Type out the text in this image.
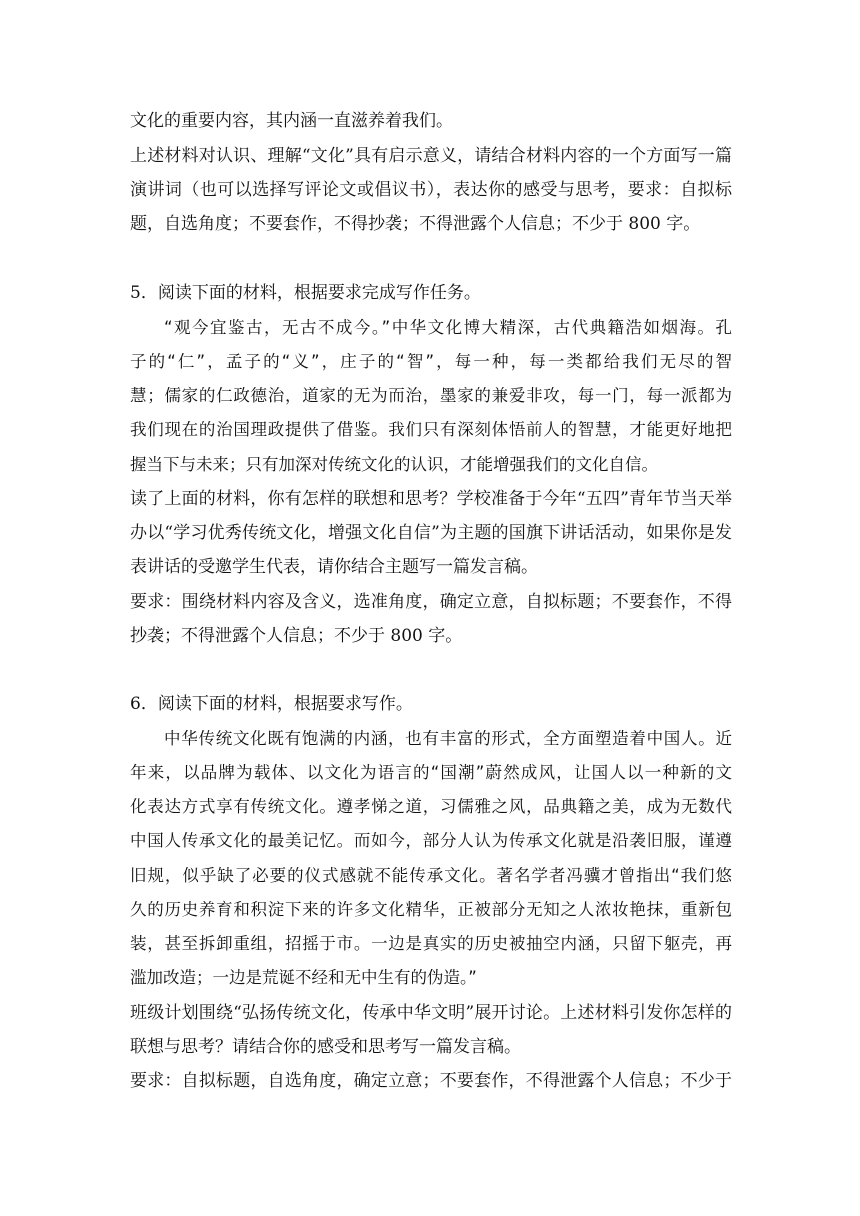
文化的重要内容，其内涵一直滋养着我们。
上述材料对认识、理解“文化”具有启示意义，请结合材料内容的一个方面写一篇
演讲词（也可以选择写评论文或倡议书），表达你的感受与思考，要求：自拟标
题，自选角度；不要套作，不得抄袭；不得泄露个人信息；不少于 800 字。
5．阅读下面的材料，根据要求完成写作任务。
“观今宜鉴古，无古不成今。”中华文化博大精深，古代典籍浩如烟海。孔
子的“仁”，孟子的“义”，庄子的“智”，每一种，每一类都给我们无尽的智
慧；儒家的仁政德治，道家的无为而治，墨家的兼爱非攻，每一门，每一派都为
我们现在的治国理政提供了借鉴。我们只有深刻体悟前人的智慧，才能更好地把
握当下与未来；只有加深对传统文化的认识，才能增强我们的文化自信。
读了上面的材料，你有怎样的联想和思考？学校准备于今年“五四”青年节当天举
办以“学习优秀传统文化，增强文化自信”为主题的国旗下讲话活动，如果你是发
表讲话的受邀学生代表，请你结合主题写一篇发言稿。
要求：围绕材料内容及含义，选准角度，确定立意，自拟标题；不要套作，不得
抄袭；不得泄露个人信息；不少于 800 字。
6．阅读下面的材料，根据要求写作。
中华传统文化既有饱满的内涵，也有丰富的形式，全方面塑造着中国人。近
年来，以品牌为载体、以文化为语言的“国潮”蔚然成风，让国人以一种新的文
化表达方式享有传统文化。遵孝悌之道，习儒雅之风，品典籍之美，成为无数代
中国人传承文化的最美记忆。而如今，部分人认为传承文化就是沿袭旧服，谨遵
旧规，似乎缺了必要的仪式感就不能传承文化。著名学者冯骥才曾指出“我们悠
久的历史养育和积淀下来的许多文化精华，正被部分无知之人浓妆艳抹，重新包
装，甚至拆卸重组，招摇于市。一边是真实的历史被抽空内涵，只留下躯壳，再
滥加改造；一边是荒诞不经和无中生有的伪造。”
班级计划围绕“弘扬传统文化，传承中华文明”展开讨论。上述材料引发你怎样的
联想与思考？请结合你的感受和思考写一篇发言稿。
要求：自拟标题，自选角度，确定立意；不要套作，不得泄露个人信息；不少于
